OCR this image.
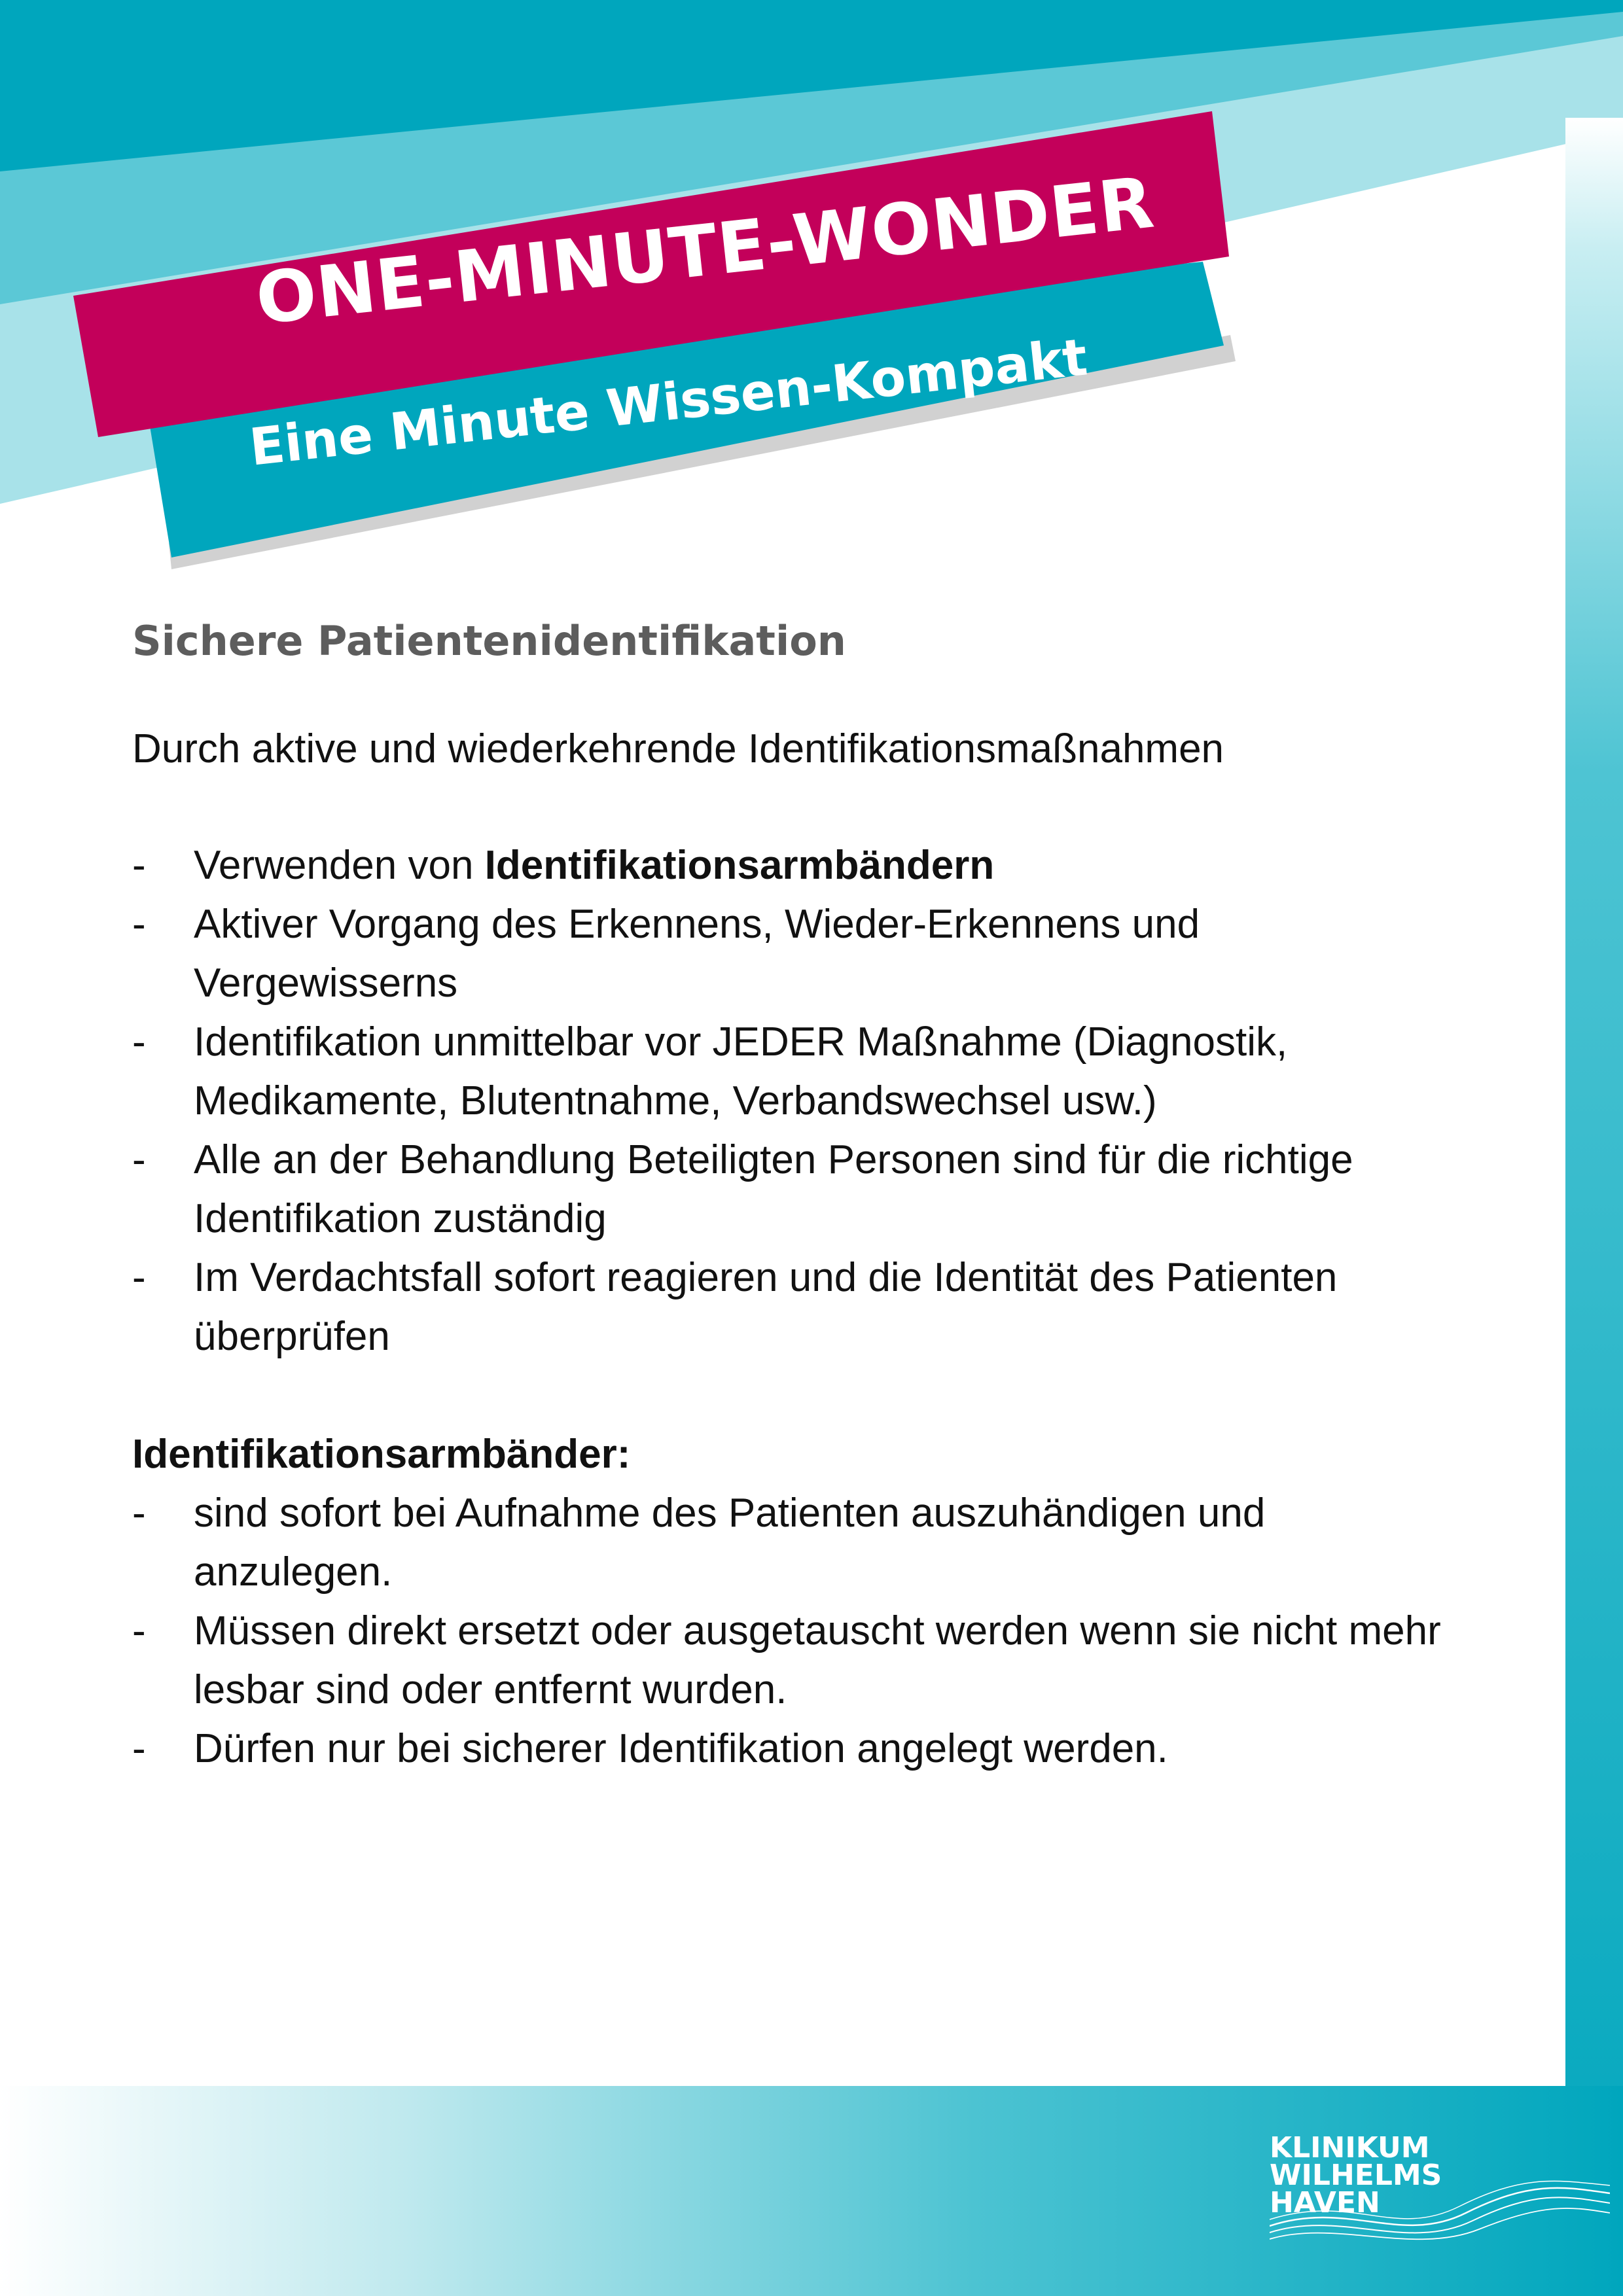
ONE-MINUTE-WONDER
Eine Minute Wissen-Kompakt
Sichere Patientenidentifikation
Durch aktive und wiederkehrende Identifikationsmaßnahmen
- Verwenden von Identifikationsarmbändern
- Aktiver Vorgang des Erkennens, Wieder-Erkennens und Vergewisserns
- Identifikation unmittelbar vor JEDER Maßnahme (Diagnostik, Medikamente, Blutentnahme, Verbandswechsel usw.)
- Alle an der Behandlung Beteiligten Personen sind für die richtige Identifikation zuständig
- Im Verdachtsfall sofort reagieren und die Identität des Patienten überprüfen
Identifikationsarmbänder:
- sind sofort bei Aufnahme des Patienten auszuhändigen und anzulegen.
- Müssen direkt ersetzt oder ausgetauscht werden wenn sie nicht mehr lesbar sind oder entfernt wurden.
- Dürfen nur bei sicherer Identifikation angelegt werden.
KLINIKUM
WILHELMS
HAVEN
